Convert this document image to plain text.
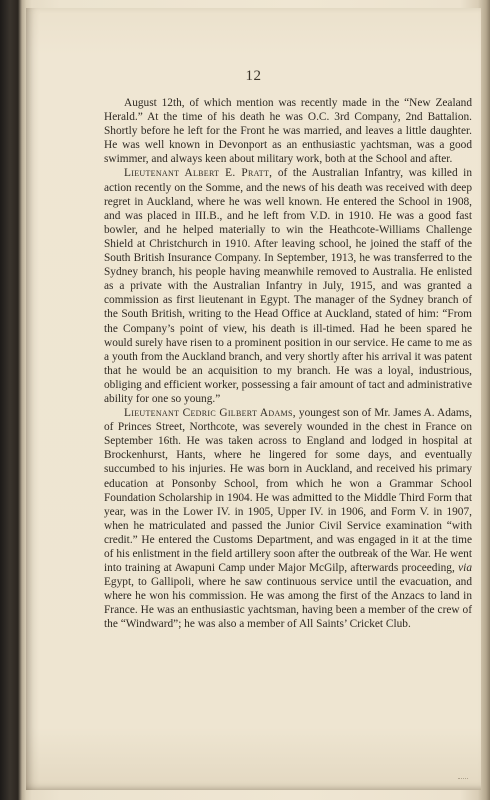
12

August 12th, of which mention was recently made in the “New Zealand Herald.” At the time of his death he was O.C. 3rd Company, 2nd Battalion. Shortly before he left for the Front he was married, and leaves a little daughter. He was well known in Devonport as an enthusiastic yachtsman, was a good swimmer, and always keen about military work, both at the School and after.

Lieutenant Albert E. Pratt, of the Australian Infantry, was killed in action recently on the Somme, and the news of his death was received with deep regret in Auckland, where he was well known. He entered the School in 1908, and was placed in III.B., and he left from V.D. in 1910. He was a good fast bowler, and he helped materially to win the Heathcote-Williams Challenge Shield at Christchurch in 1910. After leaving school, he joined the staff of the South British Insurance Company. In September, 1913, he was transferred to the Sydney branch, his people having meanwhile removed to Australia. He enlisted as a private with the Australian Infantry in July, 1915, and was granted a commission as first lieutenant in Egypt. The manager of the Sydney branch of the South British, writing to the Head Office at Auckland, stated of him: “From the Company’s point of view, his death is ill-timed. Had he been spared he would surely have risen to a prominent position in our service. He came to me as a youth from the Auckland branch, and very shortly after his arrival it was patent that he would be an acquisition to my branch. He was a loyal, industrious, obliging and efficient worker, possessing a fair amount of tact and administrative ability for one so young.”

Lieutenant Cedric Gilbert Adams, youngest son of Mr. James A. Adams, of Princes Street, Northcote, was severely wounded in the chest in France on September 16th. He was taken across to England and lodged in hospital at Brockenhurst, Hants, where he lingered for some days, and eventually succumbed to his injuries. He was born in Auckland, and received his primary education at Ponsonby School, from which he won a Grammar School Foundation Scholarship in 1904. He was admitted to the Middle Third Form that year, was in the Lower IV. in 1905, Upper IV. in 1906, and Form V. in 1907, when he matriculated and passed the Junior Civil Service examination “with credit.” He entered the Customs Department, and was engaged in it at the time of his enlistment in the field artillery soon after the outbreak of the War. He went into training at Awapuni Camp under Major McGilp, afterwards proceeding, via Egypt, to Gallipoli, where he saw continuous service until the evacuation, and where he won his commission. He was among the first of the Anzacs to land in France. He was an enthusiastic yachtsman, having been a member of the crew of the “Windward”; he was also a member of All Saints’ Cricket Club.
